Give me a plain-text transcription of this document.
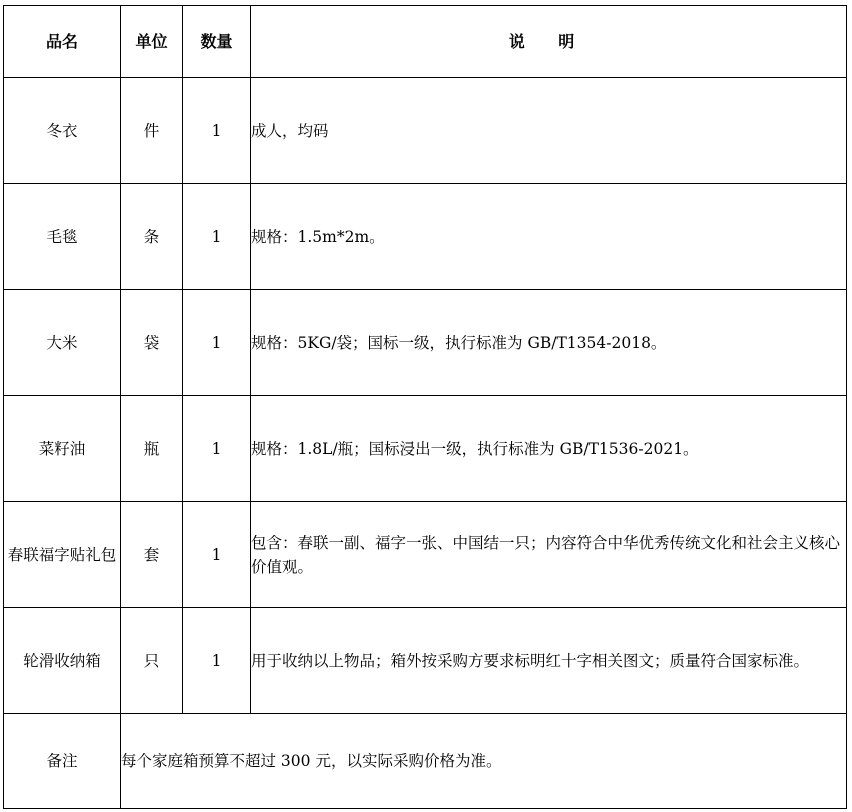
品名	单位	数量	说 明
冬衣	件	1	成人，均码
毛毯	条	1	规格：1.5m*2m。
大米	袋	1	规格：5KG/袋；国标一级，执行标准为 GB/T1354-2018。
菜籽油	瓶	1	规格：1.8L/瓶；国标浸出一级，执行标准为 GB/T1536-2021。
春联福字贴礼包	套	1	包含：春联一副、福字一张、中国结一只；内容符合中华优秀传统文化和社会主义核心价值观。
轮滑收纳箱	只	1	用于收纳以上物品；箱外按采购方要求标明红十字相关图文；质量符合国家标准。
备注	每个家庭箱预算不超过 300 元，以实际采购价格为准。		
